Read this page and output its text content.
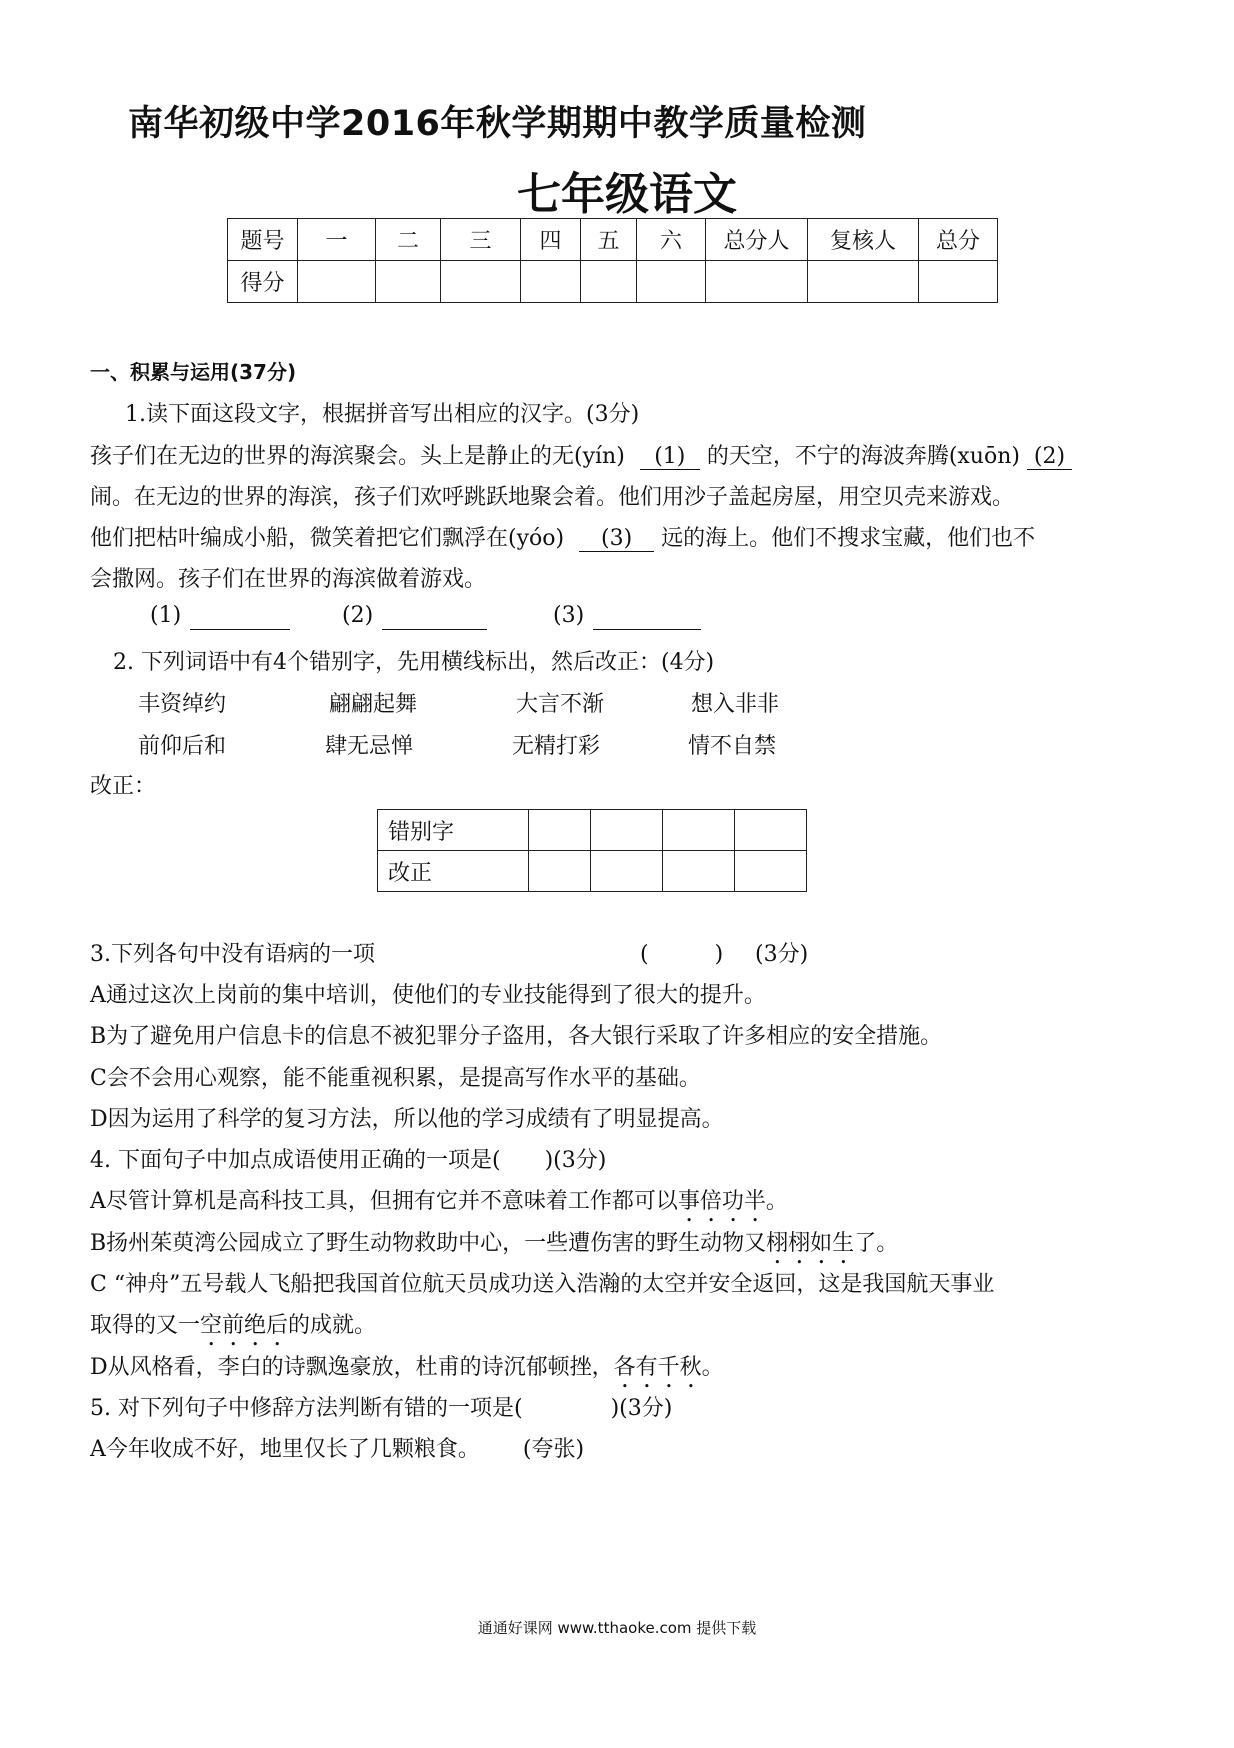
南华初级中学2016年秋学期期中教学质量检测
七年级语文
题号	一	二	三	四	五	六	总分人	复核人	总分
得分									
一、积累与运用(37分)
1.读下面这段文字，根据拼音写出相应的汉字。(3分)
孩子们在无边的世界的海滨聚会。头上是静止的无(yín) (1) 的天空，不宁的海波奔腾(xuōn) (2)
闹。在无边的世界的海滨，孩子们欢呼跳跃地聚会着。他们用沙子盖起房屋，用空贝壳来游戏。
他们把枯叶编成小船，微笑着把它们飘浮在(yóo) (3) 远的海上。他们不搜求宝藏，他们也不
会撒网。孩子们在世界的海滨做着游戏。
(1)	(2)	(3)
2. 下列词语中有4个错别字，先用横线标出，然后改正：(4分)
丰资绰约	翩翩起舞	大言不渐	想入非非
前仰后和	肆无忌惮	无精打彩	情不自禁
改正：
错别字				
改正				
3.下列各句中没有语病的一项	(　　　) (3分)
A通过这次上岗前的集中培训，使他们的专业技能得到了很大的提升。
B为了避免用户信息卡的信息不被犯罪分子盗用，各大银行采取了许多相应的安全措施。
C会不会用心观察，能不能重视积累，是提高写作水平的基础。
D因为运用了科学的复习方法，所以他的学习成绩有了明显提高。
4. 下面句子中加点成语使用正确的一项是(　　)(3分)
A尽管计算机是高科技工具，但拥有它并不意味着工作都可以事倍功半。
B扬州茱萸湾公园成立了野生动物救助中心，一些遭伤害的野生动物又栩栩如生了。
C “神舟”五号载人飞船把我国首位航天员成功送入浩瀚的太空并安全返回，这是我国航天事业
取得的又一空前绝后的成就。
D从风格看，李白的诗飘逸豪放，杜甫的诗沉郁顿挫，各有千秋。
5. 对下列句子中修辞方法判断有错的一项是(　　　　)(3分)
A今年收成不好，地里仅长了几颗粮食。 (夸张)
通通好课网 www.tthaoke.com 提供下载
